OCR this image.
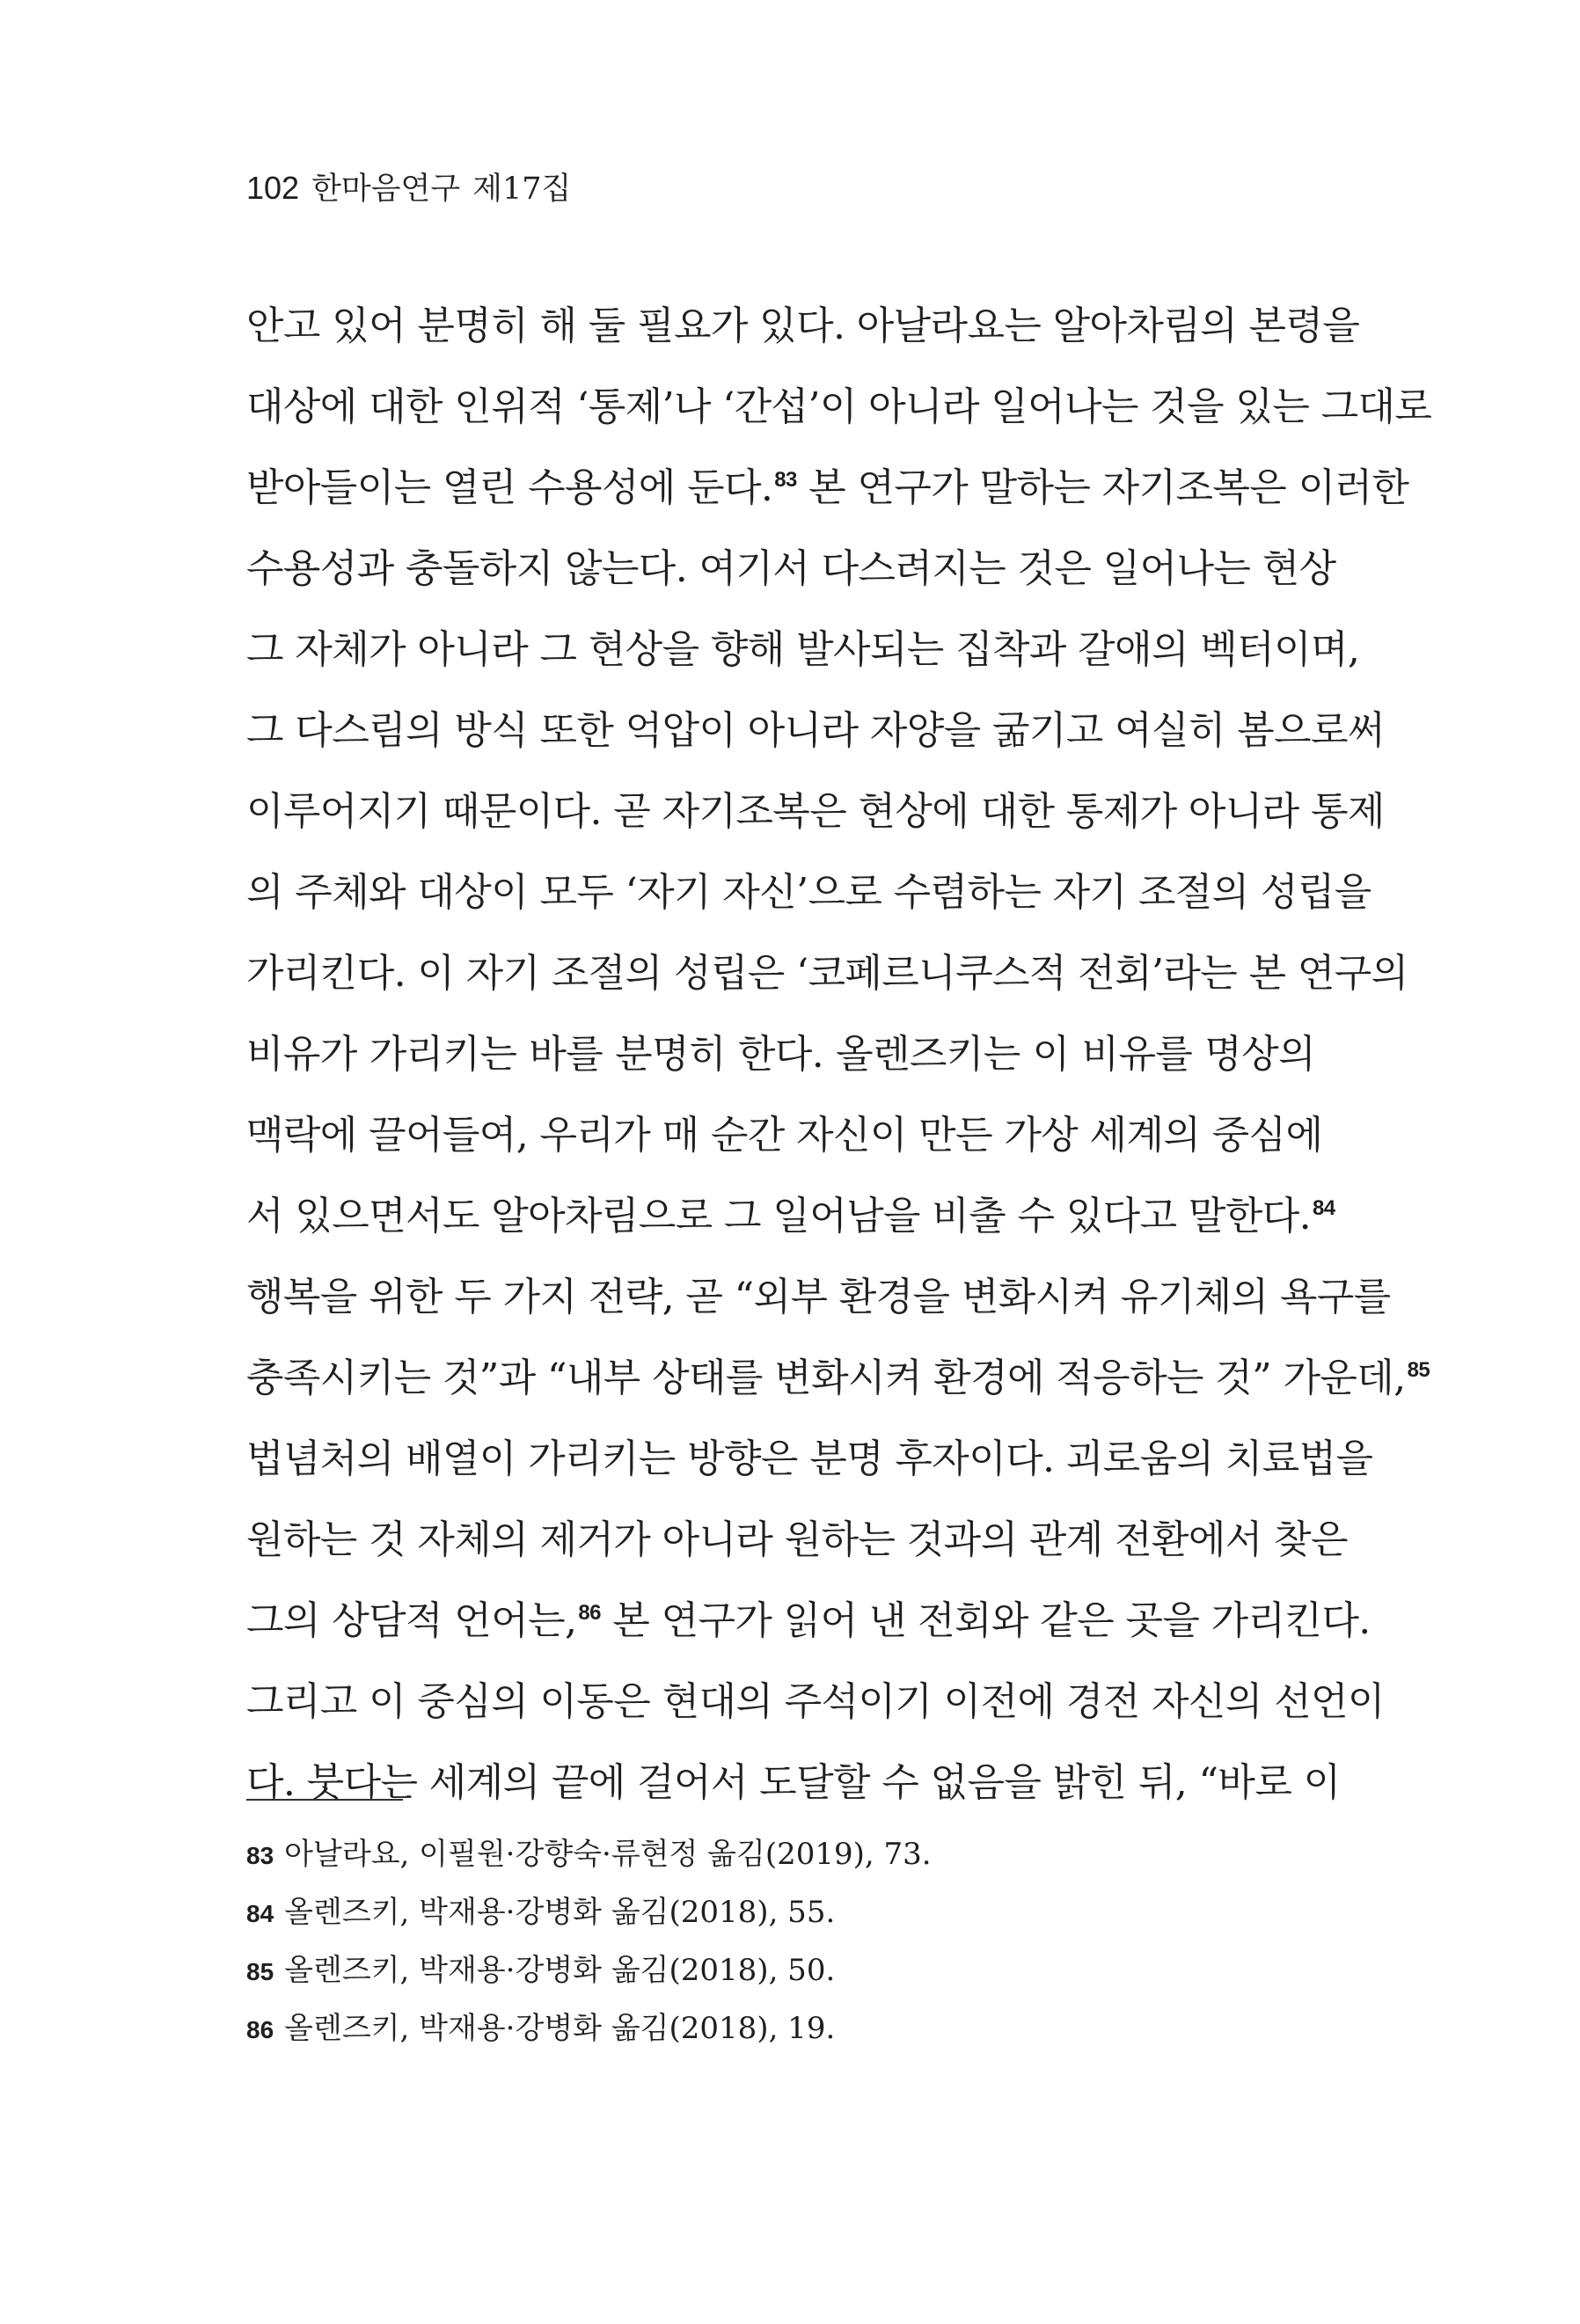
102 한마음연구 제17집
안고 있어 분명히 해 둘 필요가 있다. 아날라요는 알아차림의 본령을
대상에 대한 인위적 ‘통제’나 ‘간섭’이 아니라 일어나는 것을 있는 그대로
받아들이는 열린 수용성에 둔다.$^{83}$ 본 연구가 말하는 자기조복은 이러한
수용성과 충돌하지 않는다. 여기서 다스려지는 것은 일어나는 현상
그 자체가 아니라 그 현상을 향해 발사되는 집착과 갈애의 벡터이며,
그 다스림의 방식 또한 억압이 아니라 자양을 굶기고 여실히 봄으로써
이루어지기 때문이다. 곧 자기조복은 현상에 대한 통제가 아니라 통제
의 주체와 대상이 모두 ‘자기 자신’으로 수렴하는 자기 조절의 성립을
가리킨다. 이 자기 조절의 성립은 ‘코페르니쿠스적 전회’라는 본 연구의
비유가 가리키는 바를 분명히 한다. 올렌즈키는 이 비유를 명상의
맥락에 끌어들여, 우리가 매 순간 자신이 만든 가상 세계의 중심에
서 있으면서도 알아차림으로 그 일어남을 비출 수 있다고 말한다.$^{84}$
행복을 위한 두 가지 전략, 곧 “외부 환경을 변화시켜 유기체의 욕구를
충족시키는 것”과 “내부 상태를 변화시켜 환경에 적응하는 것” 가운데,$^{85}$
법념처의 배열이 가리키는 방향은 분명 후자이다. 괴로움의 치료법을
원하는 것 자체의 제거가 아니라 원하는 것과의 관계 전환에서 찾은
그의 상담적 언어는,$^{86}$ 본 연구가 읽어 낸 전회와 같은 곳을 가리킨다.
그리고 이 중심의 이동은 현대의 주석이기 이전에 경전 자신의 선언이
다. 붓다는 세계의 끝에 걸어서 도달할 수 없음을 밝힌 뒤, “바로 이
83 아날라요, 이필원·강향숙·류현정 옮김(2019), 73.
84 올렌즈키, 박재용·강병화 옮김(2018), 55.
85 올렌즈키, 박재용·강병화 옮김(2018), 50.
86 올렌즈키, 박재용·강병화 옮김(2018), 19.
